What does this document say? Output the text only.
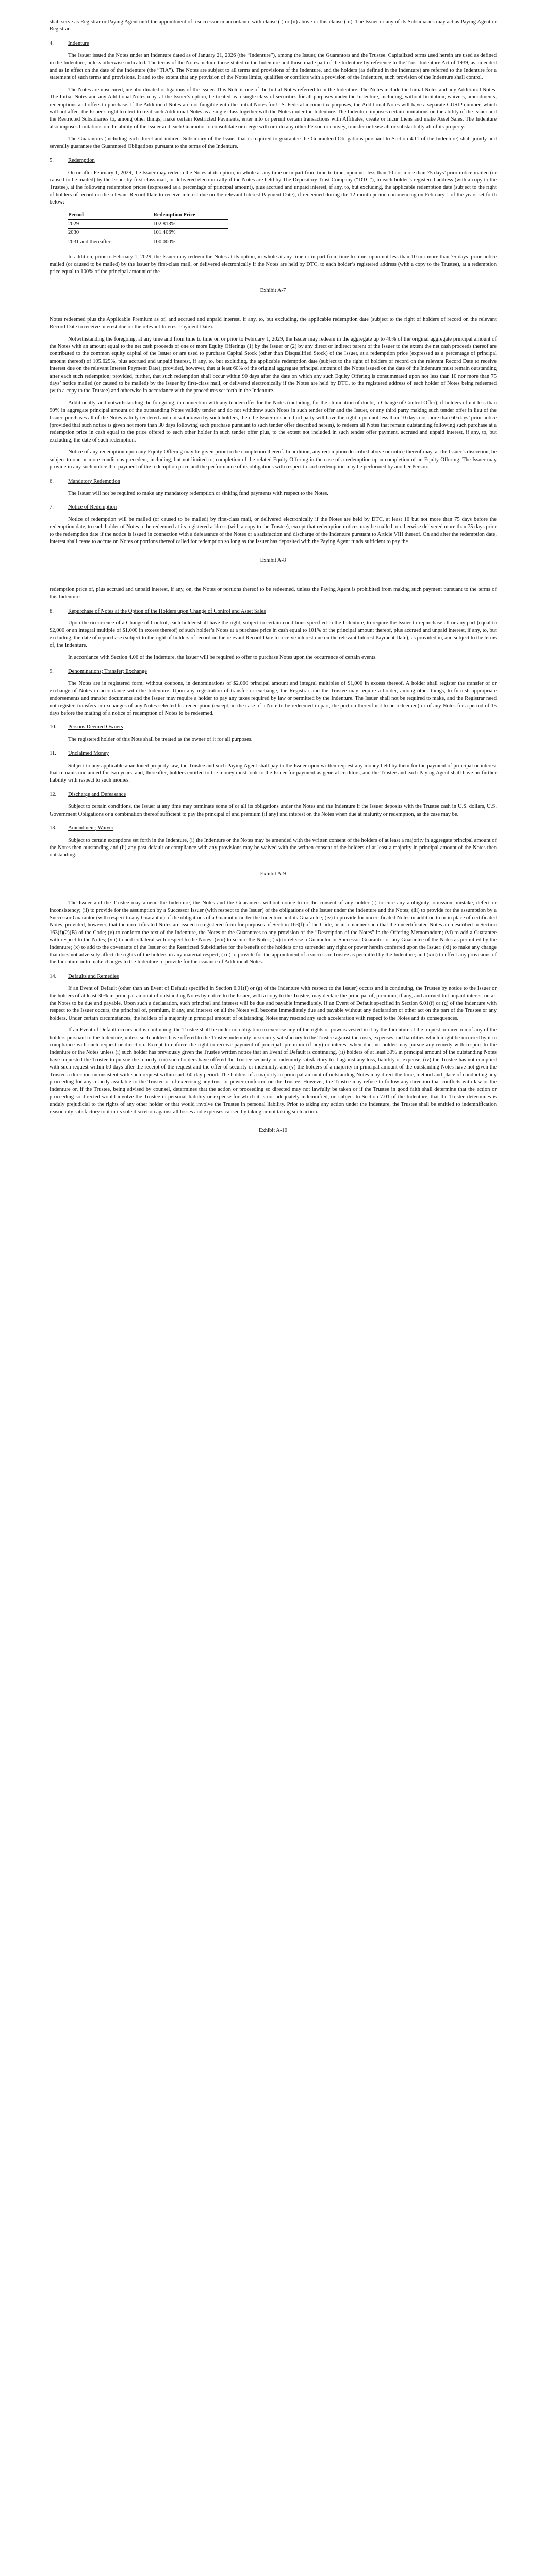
shall serve as Registrar or Paying Agent until the appointment of a successor in accordance with clause (i) or (ii) above or this clause (iii). The Issuer or any of its Subsidiaries may act as Paying Agent or Registrar.

4.	Indenture

The Issuer issued the Notes under an Indenture dated as of January 21, 2026 (the “Indenture”), among the Issuer, the Guarantors and the Trustee. Capitalized terms used herein are used as defined in the Indenture, unless otherwise indicated. The terms of the Notes include those stated in the Indenture and those made part of the Indenture by reference to the Trust Indenture Act of 1939, as amended and as in effect on the date of the Indenture (the “TIA”). The Notes are subject to all terms and provisions of the Indenture, and the holders (as defined in the Indenture) are referred to the Indenture for a statement of such terms and provisions. If and to the extent that any provision of the Notes limits, qualifies or conflicts with a provision of the Indenture, such provision of the Indenture shall control.

The Notes are unsecured, unsubordinated obligations of the Issuer. This Note is one of the Initial Notes referred to in the Indenture. The Notes include the Initial Notes and any Additional Notes. The Initial Notes and any Additional Notes may, at the Issuer’s option, be treated as a single class of securities for all purposes under the Indenture, including, without limitation, waivers, amendments, redemptions and offers to purchase. If the Additional Notes are not fungible with the Initial Notes for U.S. Federal income tax purposes, the Additional Notes will have a separate CUSIP number, which will not affect the Issuer’s right to elect to treat such Additional Notes as a single class together with the Notes under the Indenture. The Indenture imposes certain limitations on the ability of the Issuer and the Restricted Subsidiaries to, among other things, make certain Restricted Payments, enter into or permit certain transactions with Affiliates, create or Incur Liens and make Asset Sales. The Indenture also imposes limitations on the ability of the Issuer and each Guarantor to consolidate or merge with or into any other Person or convey, transfer or lease all or substantially all of its property.

The Guarantors (including each direct and indirect Subsidiary of the Issuer that is required to guarantee the Guaranteed Obligations pursuant to Section 4.11 of the Indenture) shall jointly and severally guarantee the Guaranteed Obligations pursuant to the terms of the Indenture.

5.	Redemption

On or after February 1, 2029, the Issuer may redeem the Notes at its option, in whole at any time or in part from time to time, upon not less than 10 nor more than 75 days’ prior notice mailed (or caused to be mailed) by the Issuer by first-class mail, or delivered electronically if the Notes are held by The Depository Trust Company (“DTC”), to each holder’s registered address (with a copy to the Trustee), at the following redemption prices (expressed as a percentage of principal amount), plus accrued and unpaid interest, if any, to, but excluding, the applicable redemption date (subject to the right of holders of record on the relevant Record Date to receive interest due on the relevant Interest Payment Date), if redeemed during the 12-month period commencing on February 1 of the years set forth below:

Period	Redemption Price
2029	102.813%
2030	101.406%
2031 and thereafter	100.000%

In addition, prior to February 1, 2029, the Issuer may redeem the Notes at its option, in whole at any time or in part from time to time, upon not less than 10 nor more than 75 days’ prior notice mailed (or caused to be mailed) by the Issuer by first-class mail, or delivered electronically if the Notes are held by DTC, to each holder’s registered address (with a copy to the Trustee), at a redemption price equal to 100% of the principal amount of the

Exhibit A-7

Notes redeemed plus the Applicable Premium as of, and accrued and unpaid interest, if any, to, but excluding, the applicable redemption date (subject to the right of holders of record on the relevant Record Date to receive interest due on the relevant Interest Payment Date).

Notwithstanding the foregoing, at any time and from time to time on or prior to February 1, 2029, the Issuer may redeem in the aggregate up to 40% of the original aggregate principal amount of the Notes with an amount equal to the net cash proceeds of one or more Equity Offerings (1) by the Issuer or (2) by any direct or indirect parent of the Issuer to the extent the net cash proceeds thereof are contributed to the common equity capital of the Issuer or are used to purchase Capital Stock (other than Disqualified Stock) of the Issuer, at a redemption price (expressed as a percentage of principal amount thereof) of 105.625%, plus accrued and unpaid interest, if any, to, but excluding, the applicable redemption date (subject to the right of holders of record on the relevant Record Date to receive interest due on the relevant Interest Payment Date); provided, however, that at least 60% of the original aggregate principal amount of the Notes issued on the date of the Indenture must remain outstanding after each such redemption; provided, further, that such redemption shall occur within 90 days after the date on which any such Equity Offering is consummated upon not less than 10 nor more than 75 days’ notice mailed (or caused to be mailed) by the Issuer by first-class mail, or delivered electronically if the Notes are held by DTC, to the registered address of each holder of Notes being redeemed (with a copy to the Trustee) and otherwise in accordance with the procedures set forth in the Indenture.

Additionally, and notwithstanding the foregoing, in connection with any tender offer for the Notes (including, for the elimination of doubt, a Change of Control Offer), if holders of not less than 90% in aggregate principal amount of the outstanding Notes validly tender and do not withdraw such Notes in such tender offer and the Issuer, or any third party making such tender offer in lieu of the Issuer, purchases all of the Notes validly tendered and not withdrawn by such holders, then the Issuer or such third party will have the right, upon not less than 10 days nor more than 60 days’ prior notice (provided that such notice is given not more than 30 days following such purchase pursuant to such tender offer described herein), to redeem all Notes that remain outstanding following such purchase at a redemption price in cash equal to the price offered to each other holder in such tender offer plus, to the extent not included in such tender offer payment, accrued and unpaid interest, if any, to, but excluding, the date of such redemption.

Notice of any redemption upon any Equity Offering may be given prior to the completion thereof. In addition, any redemption described above or notice thereof may, at the Issuer’s discretion, be subject to one or more conditions precedent, including, but not limited to, completion of the related Equity Offering in the case of a redemption upon completion of an Equity Offering. The Issuer may provide in any such notice that payment of the redemption price and the performance of its obligations with respect to such redemption may be performed by another Person.

6.	Mandatory Redemption

The Issuer will not be required to make any mandatory redemption or sinking fund payments with respect to the Notes.

7.	Notice of Redemption

Notice of redemption will be mailed (or caused to be mailed) by first-class mail, or delivered electronically if the Notes are held by DTC, at least 10 but not more than 75 days before the redemption date, to each holder of Notes to be redeemed at its registered address (with a copy to the Trustee), except that redemption notices may be mailed or otherwise delivered more than 75 days prior to the redemption date if the notice is issued in connection with a defeasance of the Notes or a satisfaction and discharge of the Indenture pursuant to Article VIII thereof. On and after the redemption date, interest shall cease to accrue on Notes or portions thereof called for redemption so long as the Issuer has deposited with the Paying Agent funds sufficient to pay the

Exhibit A-8

redemption price of, plus accrued and unpaid interest, if any, on, the Notes or portions thereof to be redeemed, unless the Paying Agent is prohibited from making such payment pursuant to the terms of this Indenture.

8.	Repurchase of Notes at the Option of the Holders upon Change of Control and Asset Sales

Upon the occurrence of a Change of Control, each holder shall have the right, subject to certain conditions specified in the Indenture, to require the Issuer to repurchase all or any part (equal to $2,000 or an integral multiple of $1,000 in excess thereof) of such holder’s Notes at a purchase price in cash equal to 101% of the principal amount thereof, plus accrued and unpaid interest, if any, to, but excluding, the date of repurchase (subject to the right of holders of record on the relevant Record Date to receive interest due on the relevant Interest Payment Date), as provided in, and subject to the terms of, the Indenture.

In accordance with Section 4.06 of the Indenture, the Issuer will be required to offer to purchase Notes upon the occurrence of certain events.

9.	Denominations; Transfer; Exchange

The Notes are in registered form, without coupons, in denominations of $2,000 principal amount and integral multiples of $1,000 in excess thereof. A holder shall register the transfer of or exchange of Notes in accordance with the Indenture. Upon any registration of transfer or exchange, the Registrar and the Trustee may require a holder, among other things, to furnish appropriate endorsements and transfer documents and the Issuer may require a holder to pay any taxes required by law or permitted by the Indenture. The Issuer shall not be required to make, and the Registrar need not register, transfers or exchanges of any Notes selected for redemption (except, in the case of a Note to be redeemed in part, the portion thereof not to be redeemed) or of any Notes for a period of 15 days before the mailing of a notice of redemption of Notes to be redeemed.

10. Persons Deemed Owners

The registered holder of this Note shall be treated as the owner of it for all purposes.

11. Unclaimed Money

Subject to any applicable abandoned property law, the Trustee and such Paying Agent shall pay to the Issuer upon written request any money held by them for the payment of principal or interest that remains unclaimed for two years, and, thereafter, holders entitled to the money must look to the Issuer for payment as general creditors, and the Trustee and each Paying Agent shall have no further liability with respect to such monies.

12. Discharge and Defeasance

Subject to certain conditions, the Issuer at any time may terminate some of or all its obligations under the Notes and the Indenture if the Issuer deposits with the Trustee cash in U.S. dollars, U.S. Government Obligations or a combination thereof sufficient to pay the principal of and premium (if any) and interest on the Notes when due at maturity or redemption, as the case may be.

13. Amendment; Waiver

Subject to certain exceptions set forth in the Indenture, (i) the Indenture or the Notes may be amended with the written consent of the holders of at least a majority in aggregate principal amount of the Notes then outstanding and (ii) any past default or compliance with any provisions may be waived with the written consent of the holders of at least a majority in principal amount of the Notes then outstanding.

Exhibit A-9

The Issuer and the Trustee may amend the Indenture, the Notes and the Guarantees without notice to or the consent of any holder (i) to cure any ambiguity, omission, mistake, defect or inconsistency; (ii) to provide for the assumption by a Successor Issuer (with respect to the Issuer) of the obligations of the Issuer under the Indenture and the Notes; (iii) to provide for the assumption by a Successor Guarantor (with respect to any Guarantor) of the obligations of a Guarantor under the Indenture and its Guarantee; (iv) to provide for uncertificated Notes in addition to or in place of certificated Notes, provided, however, that the uncertificated Notes are issued in registered form for purposes of Section 163(f) of the Code, or in a manner such that the uncertificated Notes are described in Section 163(f)(2)(B) of the Code; (v) to conform the text of the Indenture, the Notes or the Guarantees to any provision of the “Description of the Notes” in the Offering Memorandum; (vi) to add a Guarantee with respect to the Notes; (vii) to add collateral with respect to the Notes; (viii) to secure the Notes; (ix) to release a Guarantor or Successor Guarantor or any Guarantee of the Notes as permitted by the Indenture; (x) to add to the covenants of the Issuer or the Restricted Subsidiaries for the benefit of the holders or to surrender any right or power herein conferred upon the Issuer; (xi) to make any change that does not adversely affect the rights of the holders in any material respect; (xii) to provide for the appointment of a successor Trustee as permitted by the Indenture; and (xiii) to effect any provisions of the Indenture or to make changes to the Indenture to provide for the issuance of Additional Notes.

14. Defaults and Remedies

If an Event of Default (other than an Event of Default specified in Section 6.01(f) or (g) of the Indenture with respect to the Issuer) occurs and is continuing, the Trustee by notice to the Issuer or the holders of at least 30% in principal amount of outstanding Notes by notice to the Issuer, with a copy to the Trustee, may declare the principal of, premium, if any, and accrued but unpaid interest on all the Notes to be due and payable. Upon such a declaration, such principal and interest will be due and payable immediately. If an Event of Default specified in Section 6.01(f) or (g) of the Indenture with respect to the Issuer occurs, the principal of, premium, if any, and interest on all the Notes will become immediately due and payable without any declaration or other act on the part of the Trustee or any holders. Under certain circumstances, the holders of a majority in principal amount of outstanding Notes may rescind any such acceleration with respect to the Notes and its consequences.

If an Event of Default occurs and is continuing, the Trustee shall be under no obligation to exercise any of the rights or powers vested in it by the Indenture at the request or direction of any of the holders pursuant to the Indenture, unless such holders have offered to the Trustee indemnity or security satisfactory to the Trustee against the costs, expenses and liabilities which might be incurred by it in compliance with such request or direction. Except to enforce the right to receive payment of principal, premium (if any) or interest when due, no holder may pursue any remedy with respect to the Indenture or the Notes unless (i) such holder has previously given the Trustee written notice that an Event of Default is continuing, (ii) holders of at least 30% in principal amount of the outstanding Notes have requested the Trustee to pursue the remedy, (iii) such holders have offered the Trustee security or indemnity satisfactory to it against any loss, liability or expense, (iv) the Trustee has not complied with such request within 60 days after the receipt of the request and the offer of security or indemnity, and (v) the holders of a majority in principal amount of the outstanding Notes have not given the Trustee a direction inconsistent with such request within such 60-day period. The holders of a majority in principal amount of outstanding Notes may direct the time, method and place of conducting any proceeding for any remedy available to the Trustee or of exercising any trust or power conferred on the Trustee. However, the Trustee may refuse to follow any direction that conflicts with law or the Indenture or, if the Trustee, being advised by counsel, determines that the action or proceeding so directed may not lawfully be taken or if the Trustee in good faith shall determine that the action or proceeding so directed would involve the Trustee in personal liability or expense for which it is not adequately indemnified, or, subject to Section 7.01 of the Indenture, that the Trustee determines is unduly prejudicial to the rights of any other holder or that would involve the Trustee in personal liability. Prior to taking any action under the Indenture, the Trustee shall be entitled to indemnification reasonably satisfactory to it in its sole discretion against all losses and expenses caused by taking or not taking such action.

Exhibit A-10
